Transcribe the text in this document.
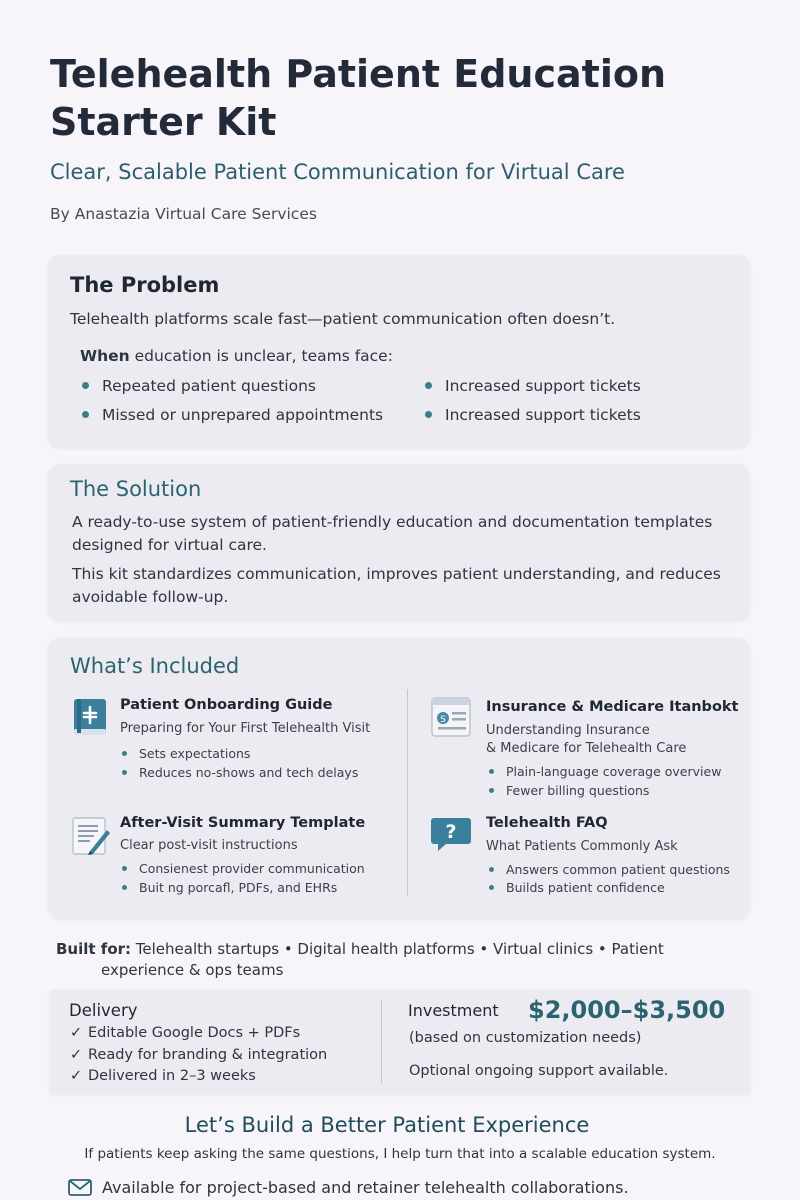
Telehealth Patient Education Starter Kit
Clear, Scalable Patient Communication for Virtual Care
By Anastazia Virtual Care Services
The Problem
Telehealth platforms scale fast—patient communication often doesn’t.
When education is unclear, teams face:
Repeated patient questions	Increased support tickets
Missed or unprepared appointments	Increased support tickets
The Solution

A ready-to-use system of patient-friendly education and documentation templates designed for virtual care.

This kit standardizes communication, improves patient understanding, and reduces avoidable follow-up.

What’s Included
Patient Onboarding Guide
Preparing for Your First Telehealth Visit
Sets expectations
Reduces no-shows and tech delays
S
Insurance & Medicare Itanbokt
Understanding Insurance
& Medicare for Telehealth Care
Plain-language coverage overview
Fewer billing questions
After-Visit Summary Template
Clear post-visit instructions
Consienest provider communication
Buit ng porcafl, PDFs, and EHRs
? Telehealth FAQ
What Patients Commonly Ask
Answers common patient questions
Builds patient confidence
Built for: Telehealth startups • Digital health platforms • Virtual clinics • Patient
experience & ops teams
Delivery
✓ Editable Google Docs + PDFs
✓ Ready for branding & integration
✓ Delivered in 2–3 weeks
Investment $2,000–$3,500
(based on customization needs)
Optional ongoing support available.
Let’s Build a Better Patient Experience
If patients keep asking the same questions, I help turn that into a scalable education system.
Available for project-based and retainer telehealth collaborations.
